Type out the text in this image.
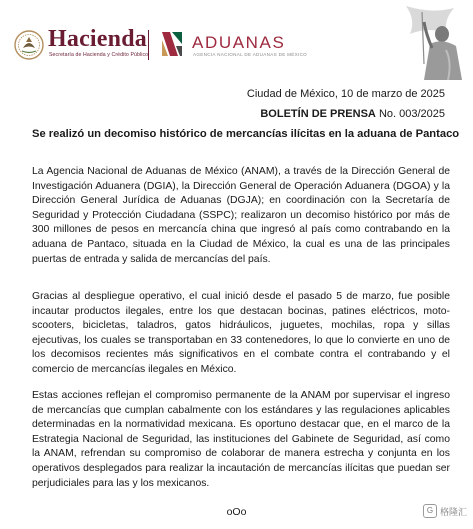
Hacienda
Secretaría de Hacienda y Crédito Público
ADUANAS
AGENCIA NACIONAL DE ADUANAS DE MÉXICO
Ciudad de México, 10 de marzo de 2025
BOLETÍN DE PRENSA No. 003/2025
Se realizó un decomiso histórico de mercancías ilícitas en la aduana de Pantaco

La Agencia Nacional de Aduanas de México (ANAM), a través de la Dirección General de Investigación Aduanera (DGIA), la Dirección General de Operación Aduanera (DGOA) y la Dirección General Jurídica de Aduanas (DGJA); en coordinación con la Secretaría de Seguridad y Protección Ciudadana (SSPC); realizaron un decomiso histórico por más de 300 millones de pesos en mercancía china que ingresó al país como contrabando en la aduana de Pantaco, situada en la Ciudad de México, la cual es una de las principales puertas de entrada y salida de mercancías del país.

Gracias al despliegue operativo, el cual inició desde el pasado 5 de marzo, fue posible incautar productos ilegales, entre los que destacan bocinas, patines eléctricos, moto-scooters, bicicletas, taladros, gatos hidráulicos, juguetes, mochilas, ropa y sillas ejecutivas, los cuales se transportaban en 33 contenedores, lo que lo convierte en uno de los decomisos recientes más significativos en el combate contra el contrabando y el comercio de mercancías ilegales en México.

Estas acciones reflejan el compromiso permanente de la ANAM por supervisar el ingreso de mercancías que cumplan cabalmente con los estándares y las regulaciones aplicables determinadas en la normatividad mexicana. Es oportuno destacar que, en el marco de la Estrategia Nacional de Seguridad, las instituciones del Gabinete de Seguridad, así como la ANAM, refrendan su compromiso de colaborar de manera estrecha y conjunta en los operativos desplegados para realizar la incautación de mercancías ilícitas que puedan ser perjudiciales para las y los mexicanos.

oOo	G 格隆汇
